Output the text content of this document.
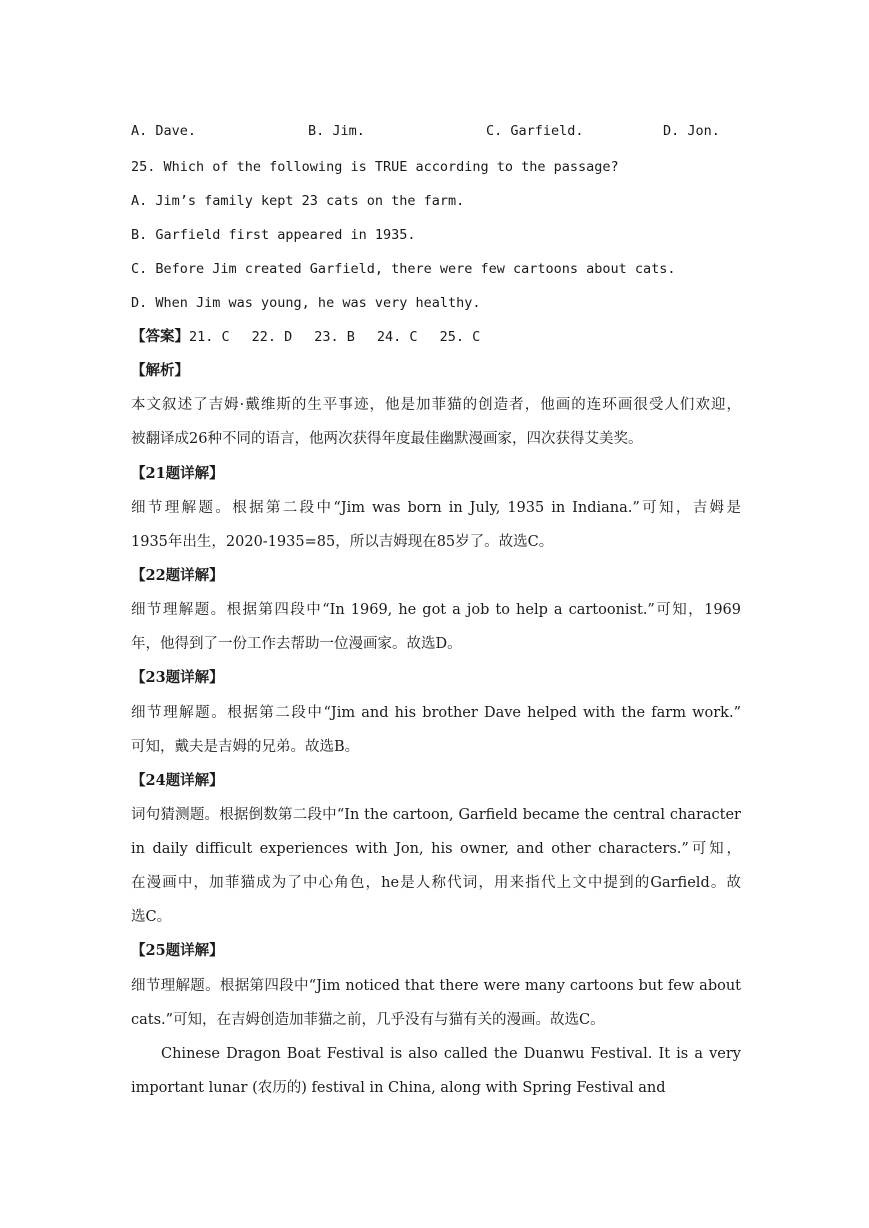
A. Dave.	B. Jim.	C. Garfield.	D. Jon.
25. Which of the following is TRUE according to the passage?
A. Jim’s family kept 23 cats on the farm.
B. Garfield first appeared in 1935.
C. Before Jim created Garfield, there were few cartoons about cats.
D. When Jim was young, he was very healthy.
【答案】21. C 22. D 23. B 24. C 25. C
【解析】
本文叙述了吉姆·戴维斯的生平事迹，他是加菲猫的创造者，他画的连环画很受人们欢迎，
被翻译成26种不同的语言，他两次获得年度最佳幽默漫画家，四次获得艾美奖。
【21题详解】
细节理解题。根据第二段中“Jim was born in July, 1935 in Indiana.”可知，吉姆是
1935年出生，2020-1935=85，所以吉姆现在85岁了。故选C。
【22题详解】
细节理解题。根据第四段中“In 1969, he got a job to help a cartoonist.”可知，1969
年，他得到了一份工作去帮助一位漫画家。故选D。
【23题详解】
细节理解题。根据第二段中“Jim and his brother Dave helped with the farm work.”
可知，戴夫是吉姆的兄弟。故选B。
【24题详解】
词句猜测题。根据倒数第二段中“In the cartoon, Garfield became the central character
in daily difficult experiences with Jon, his owner, and other characters.”可知，
在漫画中，加菲猫成为了中心角色，he是人称代词，用来指代上文中提到的Garfield。故
选C。
【25题详解】
细节理解题。根据第四段中“Jim noticed that there were many cartoons but few about
cats.”可知，在吉姆创造加菲猫之前，几乎没有与猫有关的漫画。故选C。
Chinese Dragon Boat Festival is also called the Duanwu Festival. It is a very
important lunar (农历的) festival in China, along with Spring Festival and
